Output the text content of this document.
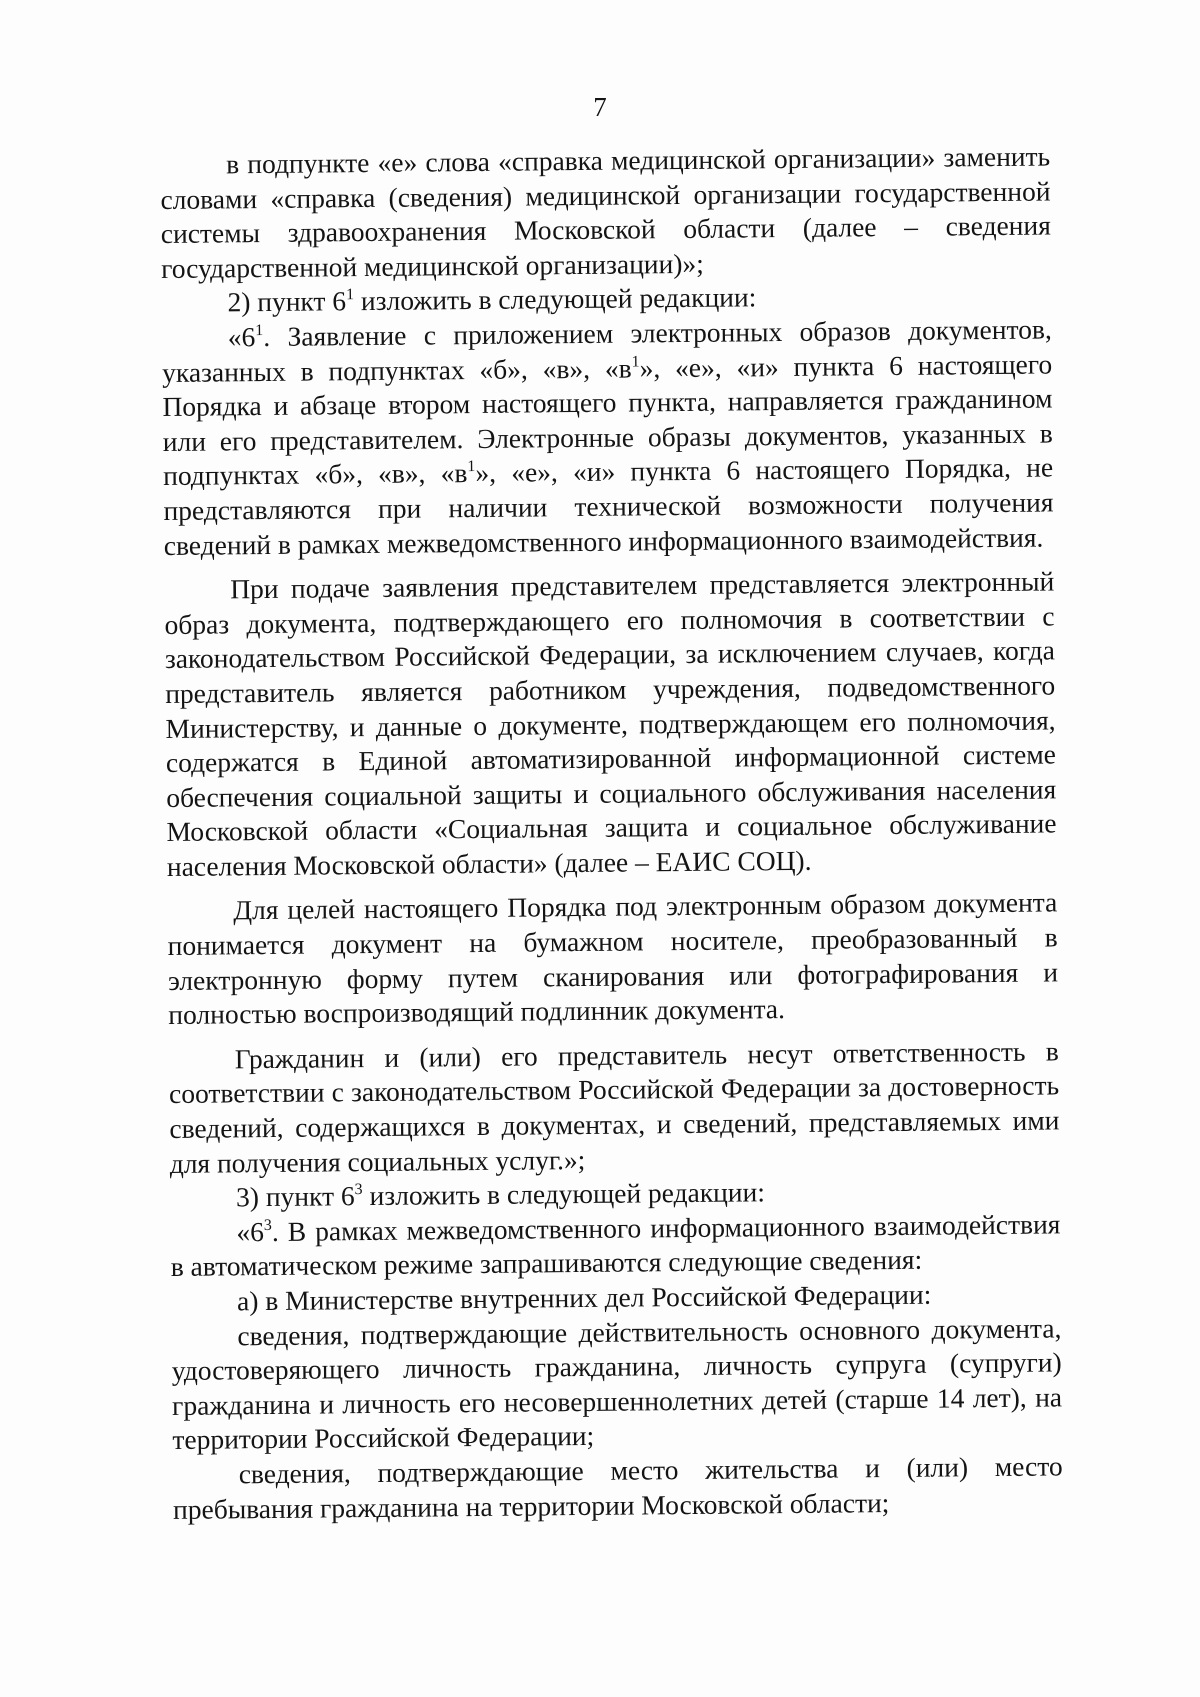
7

в подпункте «е» слова «справка медицинской организации» заменить словами «справка (сведения) медицинской организации государственной системы здравоохранения Московской области (далее – сведения государственной медицинской организации)»;

2) пункт $6^1$ изложить в следующей редакции:

«$6^1$. Заявление с приложением электронных образов документов, указанных в подпунктах «б», «в», «$в^1$», «е», «и» пункта 6 настоящего Порядка и абзаце втором настоящего пункта, направляется гражданином или его представителем. Электронные образы документов, указанных в подпунктах «б», «в», «$в^1$», «е», «и» пункта 6 настоящего Порядка, не представляются при наличии технической возможности получения сведений в рамках межведомственного информационного взаимодействия.

При подаче заявления представителем представляется электронный образ документа, подтверждающего его полномочия в соответствии с законодательством Российской Федерации, за исключением случаев, когда представитель является работником учреждения, подведомственного Министерству, и данные о документе, подтверждающем его полномочия, содержатся в Единой автоматизированной информационной системе обеспечения социальной защиты и социального обслуживания населения Московской области «Социальная защита и социальное обслуживание населения Московской области» (далее – ЕАИС СОЦ).

Для целей настоящего Порядка под электронным образом документа понимается документ на бумажном носителе, преобразованный в электронную форму путем сканирования или фотографирования и полностью воспроизводящий подлинник документа.

Гражданин и (или) его представитель несут ответственность в соответствии с законодательством Российской Федерации за достоверность сведений, содержащихся в документах, и сведений, представляемых ими для получения социальных услуг.»;

3) пункт $6^3$ изложить в следующей редакции:

«$6^3$. В рамках межведомственного информационного взаимодействия в автоматическом режиме запрашиваются следующие сведения:

а) в Министерстве внутренних дел Российской Федерации:

сведения, подтверждающие действительность основного документа, удостоверяющего личность гражданина, личность супруга (супруги) гражданина и личность его несовершеннолетних детей (старше 14 лет), на территории Российской Федерации;

сведения, подтверждающие место жительства и (или) место пребывания гражданина на территории Московской области;
